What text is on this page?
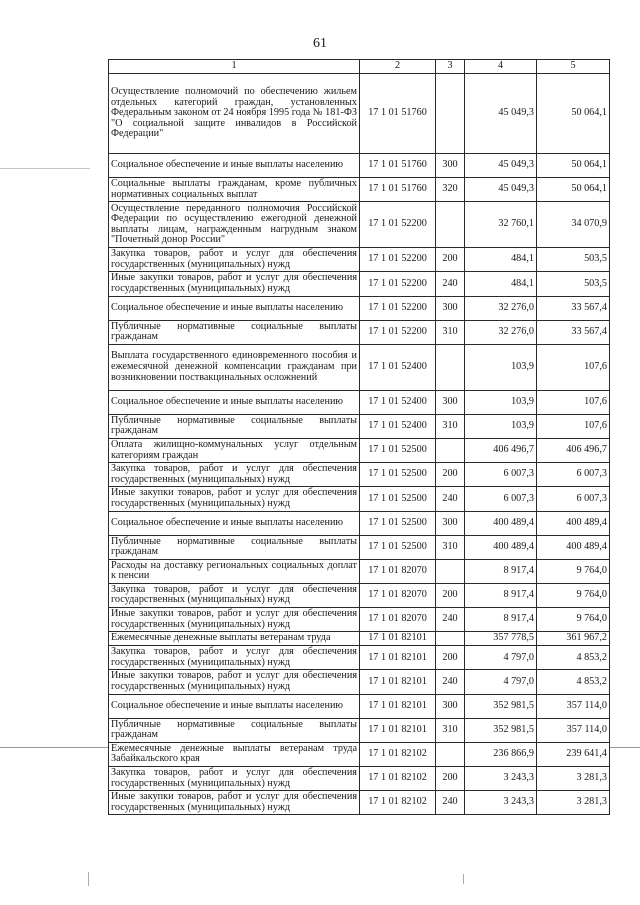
61
1	2	3	4	5
Осуществление полномочий по обеспечению жильем отдельных категорий граждан, установленных Федеральным законом от 24 ноября 1995 года № 181-ФЗ "О социальной защите инвалидов в Российской Федерации"	17 1 01 51760		45 049,3	50 064,1
Социальное обеспечение и иные выплаты населению	17 1 01 51760	300	45 049,3	50 064,1
Социальные выплаты гражданам, кроме публичных нормативных социальных выплат	17 1 01 51760	320	45 049,3	50 064,1
Осуществление переданного полномочия Российской Федерации по осуществлению ежегодной денежной выплаты лицам, награжденным нагрудным знаком "Почетный донор России"	17 1 01 52200		32 760,1	34 070,9
Закупка товаров, работ и услуг для обеспечения государственных (муниципальных) нужд	17 1 01 52200	200	484,1	503,5
Иные закупки товаров, работ и услуг для обеспечения государственных (муниципальных) нужд	17 1 01 52200	240	484,1	503,5
Социальное обеспечение и иные выплаты населению	17 1 01 52200	300	32 276,0	33 567,4
Публичные нормативные социальные выплаты гражданам	17 1 01 52200	310	32 276,0	33 567,4
Выплата государственного единовременного пособия и ежемесячной денежной компенсации гражданам при возникновении поствакцинальных осложнений	17 1 01 52400		103,9	107,6
Социальное обеспечение и иные выплаты населению	17 1 01 52400	300	103,9	107,6
Публичные нормативные социальные выплаты гражданам	17 1 01 52400	310	103,9	107,6
Оплата жилищно-коммунальных услуг отдельным категориям граждан	17 1 01 52500		406 496,7	406 496,7
Закупка товаров, работ и услуг для обеспечения государственных (муниципальных) нужд	17 1 01 52500	200	6 007,3	6 007,3
Иные закупки товаров, работ и услуг для обеспечения государственных (муниципальных) нужд	17 1 01 52500	240	6 007,3	6 007,3
Социальное обеспечение и иные выплаты населению	17 1 01 52500	300	400 489,4	400 489,4
Публичные нормативные социальные выплаты гражданам	17 1 01 52500	310	400 489,4	400 489,4
Расходы на доставку региональных социальных доплат к пенсии	17 1 01 82070		8 917,4	9 764,0
Закупка товаров, работ и услуг для обеспечения государственных (муниципальных) нужд	17 1 01 82070	200	8 917,4	9 764,0
Иные закупки товаров, работ и услуг для обеспечения государственных (муниципальных) нужд	17 1 01 82070	240	8 917,4	9 764,0
Ежемесячные денежные выплаты ветеранам труда	17 1 01 82101		357 778,5	361 967,2
Закупка товаров, работ и услуг для обеспечения государственных (муниципальных) нужд	17 1 01 82101	200	4 797,0	4 853,2
Иные закупки товаров, работ и услуг для обеспечения государственных (муниципальных) нужд	17 1 01 82101	240	4 797,0	4 853,2
Социальное обеспечение и иные выплаты населению	17 1 01 82101	300	352 981,5	357 114,0
Публичные нормативные социальные выплаты гражданам	17 1 01 82101	310	352 981,5	357 114,0
Ежемесячные денежные выплаты ветеранам труда Забайкальского края	17 1 01 82102		236 866,9	239 641,4
Закупка товаров, работ и услуг для обеспечения государственных (муниципальных) нужд	17 1 01 82102	200	3 243,3	3 281,3
Иные закупки товаров, работ и услуг для обеспечения государственных (муниципальных) нужд	17 1 01 82102	240	3 243,3	3 281,3
